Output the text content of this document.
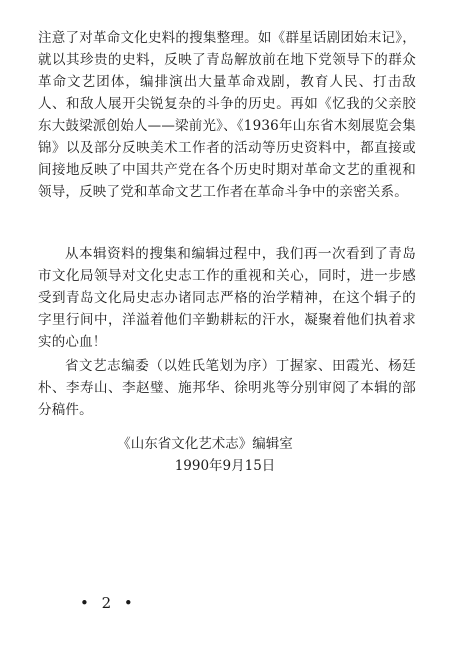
注意了对革命文化史料的搜集整理。如《群星话剧团始末记》，就以其珍贵的史料，反映了青岛解放前在地下党领导下的群众革命文艺团体，编排演出大量革命戏剧，教育人民、打击敌人、和敌人展开尖锐复杂的斗争的历史。再如《忆我的父亲胶东大鼓梁派创始人——梁前光》、《1936年山东省木刻展览会集锦》以及部分反映美术工作者的活动等历史资料中，都直接或间接地反映了中国共产党在各个历史时期对革命文艺的重视和领导，反映了党和革命文艺工作者在革命斗争中的亲密关系。

从本辑资料的搜集和编辑过程中，我们再一次看到了青岛市文化局领导对文化史志工作的重视和关心，同时，进一步感受到青岛文化局史志办诸同志严格的治学精神，在这个辑子的字里行间中，洋溢着他们辛勤耕耘的汗水，凝聚着他们执着求实的心血！

省文艺志编委（以姓氏笔划为序）丁握家、田霞光、杨廷朴、李寿山、李赵璧、施邦华、徐明兆等分别审阅了本辑的部分稿件。

《山东省文化艺术志》编辑室

1990年9月15日

• 2 •
